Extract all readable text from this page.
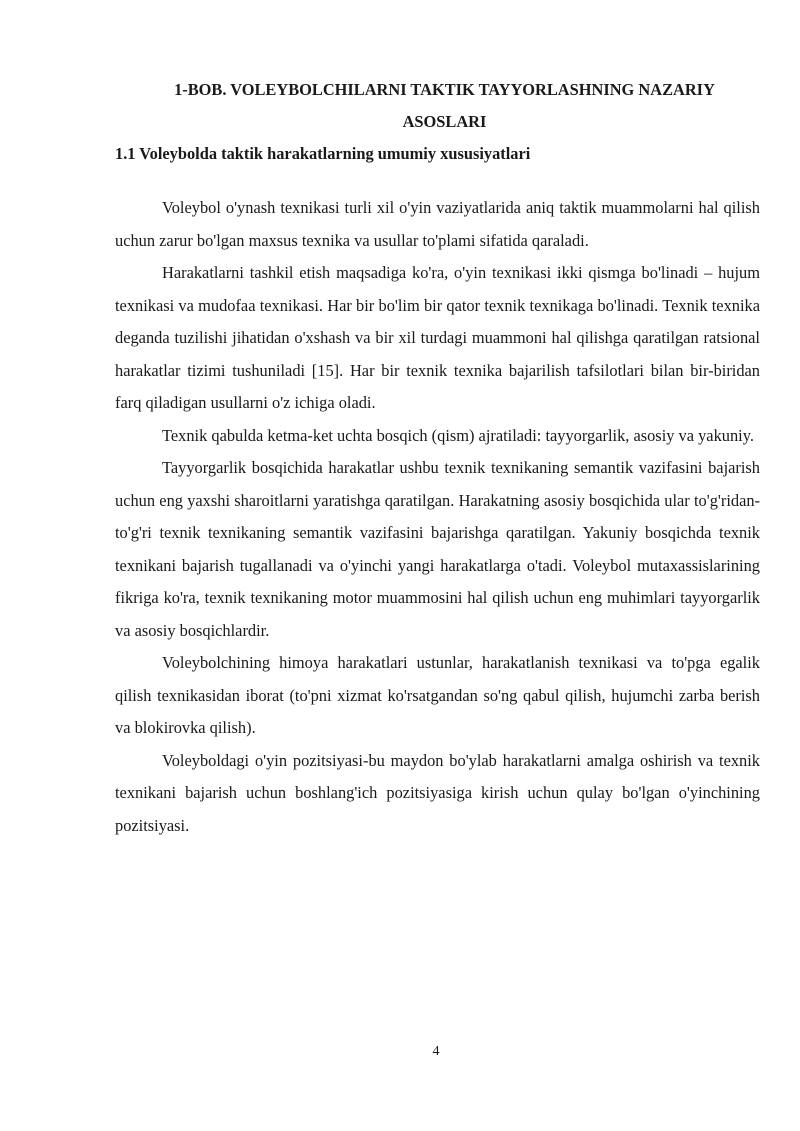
1-BOB. VOLEYBOLCHILARNI TAKTIK TAYYORLASHNING NAZARIY
ASOSLARI
1.1 Voleybolda taktik harakatlarning umumiy xususiyatlari

Voleybol o'ynash texnikasi turli xil o'yin vaziyatlarida aniq taktik muammolarni hal qilish uchun zarur bo'lgan maxsus texnika va usullar to'plami sifatida qaraladi.

Harakatlarni tashkil etish maqsadiga ko'ra, o'yin texnikasi ikki qismga bo'linadi – hujum texnikasi va mudofaa texnikasi. Har bir bo'lim bir qator texnik texnikaga bo'linadi. Texnik texnika deganda tuzilishi jihatidan o'xshash va bir xil turdagi muammoni hal qilishga qaratilgan ratsional harakatlar tizimi tushuniladi [15]. Har bir texnik texnika bajarilish tafsilotlari bilan bir-biridan farq qiladigan usullarni o'z ichiga oladi.

Texnik qabulda ketma-ket uchta bosqich (qism) ajratiladi: tayyorgarlik, asosiy va yakuniy.

Tayyorgarlik bosqichida harakatlar ushbu texnik texnikaning semantik vazifasini bajarish uchun eng yaxshi sharoitlarni yaratishga qaratilgan. Harakatning asosiy bosqichida ular to'g'ridan-to'g'ri texnik texnikaning semantik vazifasini bajarishga qaratilgan. Yakuniy bosqichda texnik texnikani bajarish tugallanadi va o'yinchi yangi harakatlarga o'tadi. Voleybol mutaxassislarining fikriga ko'ra, texnik texnikaning motor muammosini hal qilish uchun eng muhimlari tayyorgarlik va asosiy bosqichlardir.

Voleybolchining himoya harakatlari ustunlar, harakatlanish texnikasi va to'pga egalik qilish texnikasidan iborat (to'pni xizmat ko'rsatgandan so'ng qabul qilish, hujumchi zarba berish va blokirovka qilish).

Voleyboldagi o'yin pozitsiyasi-bu maydon bo'ylab harakatlarni amalga oshirish va texnik texnikani bajarish uchun boshlang'ich pozitsiyasiga kirish uchun qulay bo'lgan o'yinchining pozitsiyasi.

4
